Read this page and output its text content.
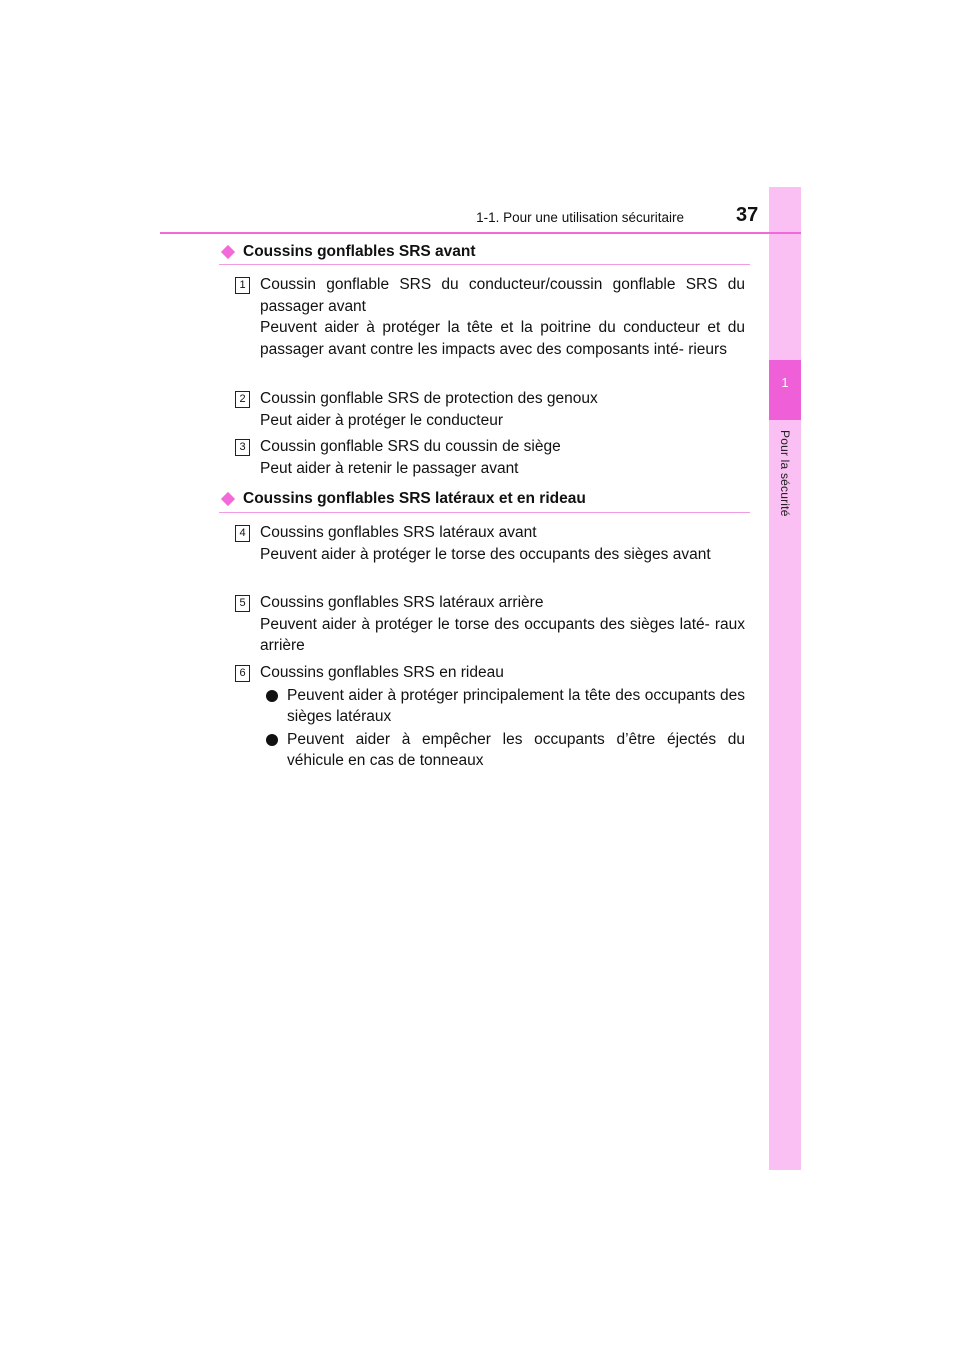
1
Pour la sécurité
1-1. Pour une utilisation sécuritaire	37
Coussins gonflables SRS avant
1 Coussin gonflable SRS du conducteur/coussin gonflable SRS du passager avant
Peuvent aider à protéger la tête et la poitrine du conducteur et du passager avant contre les impacts avec des composants inté- rieurs
2 Coussin gonflable SRS de protection des genoux
Peut aider à protéger le conducteur
3 Coussin gonflable SRS du coussin de siège
Peut aider à retenir le passager avant
Coussins gonflables SRS latéraux et en rideau
4 Coussins gonflables SRS latéraux avant
Peuvent aider à protéger le torse des occupants des sièges avant
5 Coussins gonflables SRS latéraux arrière
Peuvent aider à protéger le torse des occupants des sièges laté- raux arrière
6 Coussins gonflables SRS en rideau
Peuvent aider à protéger principalement la tête des occupants des sièges latéraux
Peuvent aider à empêcher les occupants d’être éjectés du véhicule en cas de tonneaux
